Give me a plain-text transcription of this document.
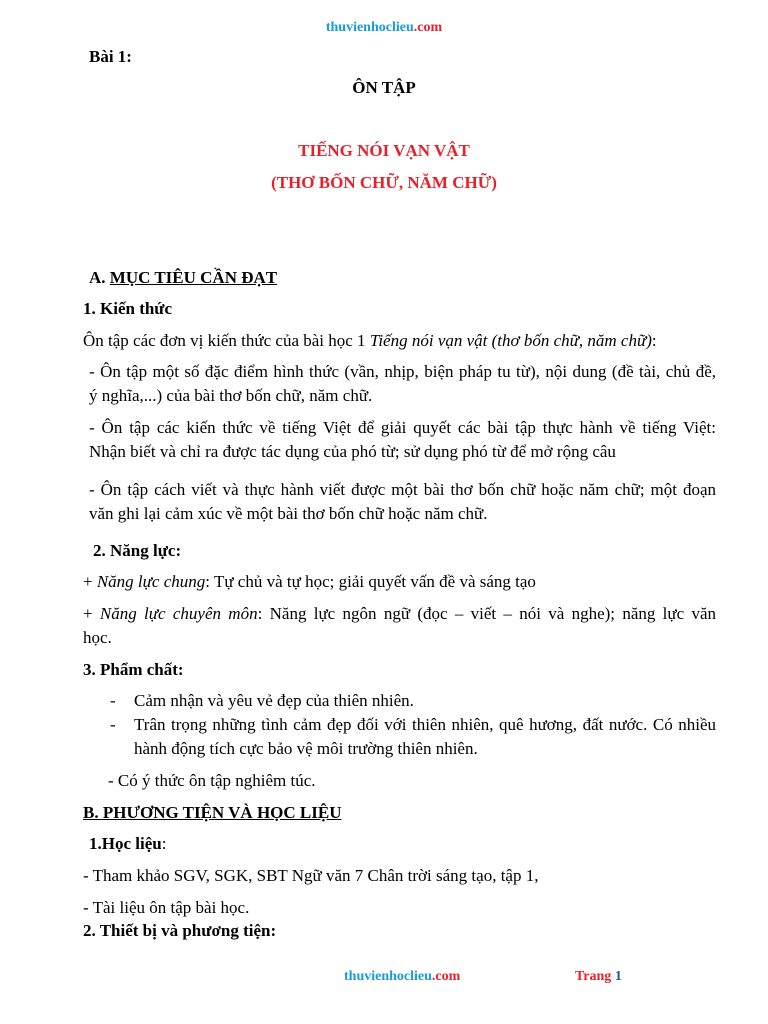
thuvienhoclieu.com
Bài 1:
ÔN TẬP
TIẾNG NÓI VẠN VẬT
(THƠ BỐN CHỮ, NĂM CHỮ)
A. MỤC TIÊU CẦN ĐẠT
1. Kiến thức
Ôn tập các đơn vị kiến thức của bài học 1 Tiếng nói vạn vật (thơ bốn chữ, năm chữ):
- Ôn tập một số đặc điểm hình thức (vần, nhịp, biện pháp tu từ), nội dung (đề tài, chủ đề,
ý nghĩa,...) của bài thơ bốn chữ, năm chữ.
- Ôn tập các kiến thức về tiếng Việt để giải quyết các bài tập thực hành về tiếng Việt:
Nhận biết và chỉ ra được tác dụng của phó từ; sử dụng phó từ để mở rộng câu
- Ôn tập cách viết và thực hành viết được một bài thơ bốn chữ hoặc năm chữ; một đoạn
văn ghi lại cảm xúc về một bài thơ bốn chữ hoặc năm chữ.
2. Năng lực:
+ Năng lực chung: Tự chủ và tự học; giải quyết vấn đề và sáng tạo
+ Năng lực chuyên môn: Năng lực ngôn ngữ (đọc – viết – nói và nghe); năng lực văn
học.
3. Phẩm chất:
- Cảm nhận và yêu vẻ đẹp của thiên nhiên.
- Trân trọng những tình cảm đẹp đối với thiên nhiên, quê hương, đất nước. Có nhiều
hành động tích cực bảo vệ môi trường thiên nhiên.
- Có ý thức ôn tập nghiêm túc.
B. PHƯƠNG TIỆN VÀ HỌC LIỆU
1.Học liệu:
- Tham khảo SGV, SGK, SBT Ngữ văn 7 Chân trời sáng tạo, tập 1,
- Tài liệu ôn tập bài học.
2. Thiết bị và phương tiện:
thuvienhoclieu.com	Trang 1
